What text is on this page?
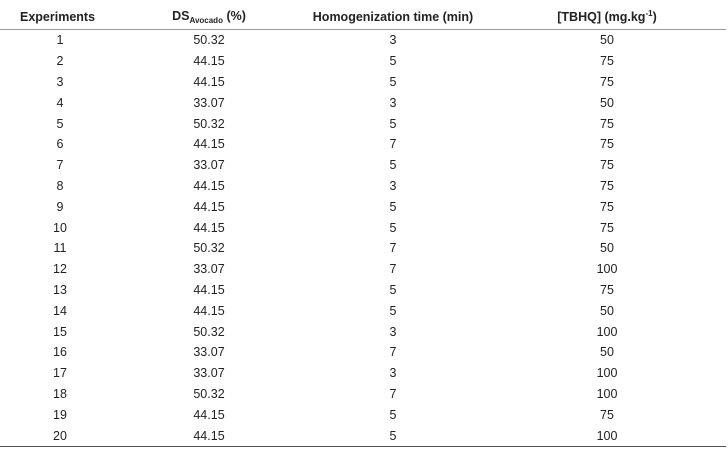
Experiments	$DS_{Avocado}$ (%)	Homogenization time (min)	[TBHQ] $(mg.kg^{-1})$
1	50.32	3	50
2	44.15	5	75
3	44.15	5	75
4	33.07	3	50
5	50.32	5	75
6	44.15	7	75
7	33.07	5	75
8	44.15	3	75
9	44.15	5	75
10	44.15	5	75
11	50.32	7	50
12	33.07	7	100
13	44.15	5	75
14	44.15	5	50
15	50.32	3	100
16	33.07	7	50
17	33.07	3	100
18	50.32	7	100
19	44.15	5	75
20	44.15	5	100
